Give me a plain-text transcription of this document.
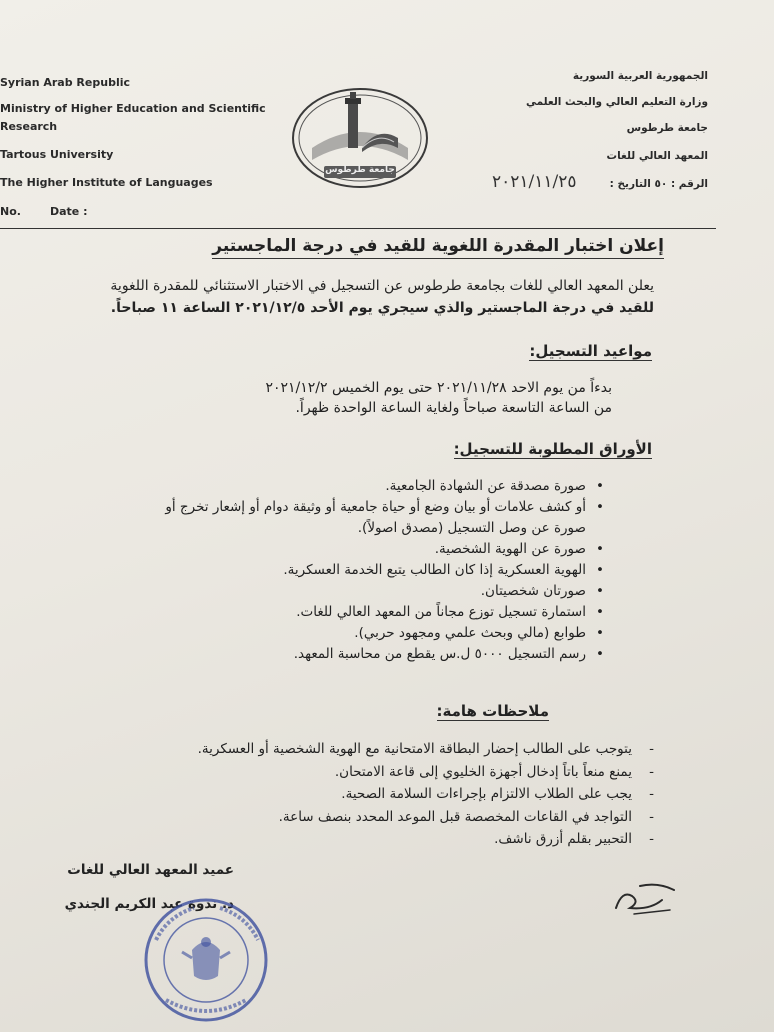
Syrian Arab Republic
Ministry of Higher Education and Scientific
Research
Tartous University
The Higher Institute of Languages
No.	Date :
جامعة طرطوس
الجمهورية العربية السورية
وزارة التعليم العالي والبحث العلمي
جامعة طرطوس
المعهد العالي للغات
الرقم : ٥٠ التاريخ :
٢٠٢١/١١/٢٥
إعلان اختبار المقدرة اللغوية للقيد في درجة الماجستير
يعلن المعهد العالي للغات بجامعة طرطوس عن التسجيل في الاختبار الاستثنائي للمقدرة اللغوية
للقيد في درجة الماجستير والذي سيجري يوم الأحد ٢٠٢١/١٢/٥ الساعة ١١ صباحاً.
مواعيد التسجيل:
بدءاً من يوم الاحد ٢٠٢١/١١/٢٨ حتى يوم الخميس ٢٠٢١/١٢/٢
من الساعة التاسعة صباحاً ولغاية الساعة الواحدة ظهراً.
الأوراق المطلوبة للتسجيل:
•
صورة مصدقة عن الشهادة الجامعية.
•
أو كشف علامات أو بيان وضع أو حياة جامعية أو وثيقة دوام أو إشعار تخرج أو
صورة عن وصل التسجيل (مصدق اصولاً).
•
صورة عن الهوية الشخصية.
•
الهوية العسكرية إذا كان الطالب يتبع الخدمة العسكرية.
•
صورتان شخصيتان.
•
استمارة تسجيل توزع مجاناً من المعهد العالي للغات.
•
طوابع (مالي وبحث علمي ومجهود حربي).
•
رسم التسجيل ٥٠٠٠ ل.س يقطع من محاسبة المعهد.
ملاحظات هامة:
-
يتوجب على الطالب إحضار البطاقة الامتحانية مع الهوية الشخصية أو العسكرية.
-
يمنع منعاً باتاً إدخال أجهزة الخليوي إلى قاعة الامتحان.
-
يجب على الطلاب الالتزام بإجراءات السلامة الصحية.
-
التواجد في القاعات المخصصة قبل الموعد المحدد بنصف ساعة.
-
التحبير بقلم أزرق ناشف.
عميد المعهد العالي للغات
د. ندوة عبد الكريم الجندي
